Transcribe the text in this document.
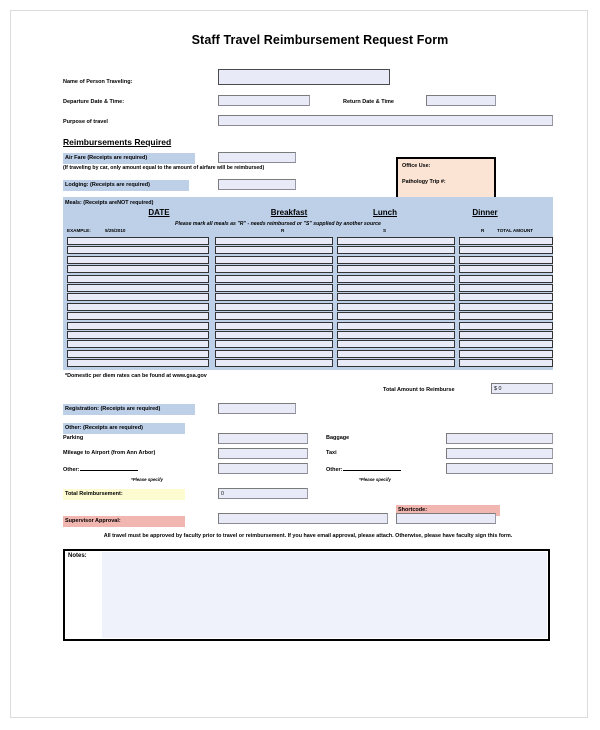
Staff Travel Reimbursement Request Form
Name of Person Traveling:
Departure Date & Time:	Return Date & Time
Purpose of travel
Office Use:
Pathology Trip #:
Reimbursements Required
Air Fare (Receipts are required)
(If traveling by car, only amount equal to the amount of airfare will be reimbursed)
Lodging: (Receipts are required)
Meals: (Receipts areNOT required)
DATE	Breakfast	Lunch	Dinner
Please mark all meals as "R" - needs reimbursed or "S" supplied by another source
EXAMPLE:	5/25/2010	R	S	R	TOTAL AMOUNT
*Domestic per diem rates can be found at www.gsa.gov
Total Amount to Reimburse	$ 0
Registration: (Receipts are required)
Other: (Receipts are required)
Parking	Baggage
Mileage to Airport (from Ann Arbor)	Taxi
Other:	Other:
*Please specify	*Please specify
Total Reimbursement:	0
Supervisor Approval:
Shortcode:
All travel must be approved by faculty prior to travel or reimbursement. If you have email approval, please attach. Otherwise, please have faculty sign this form.
Notes:
